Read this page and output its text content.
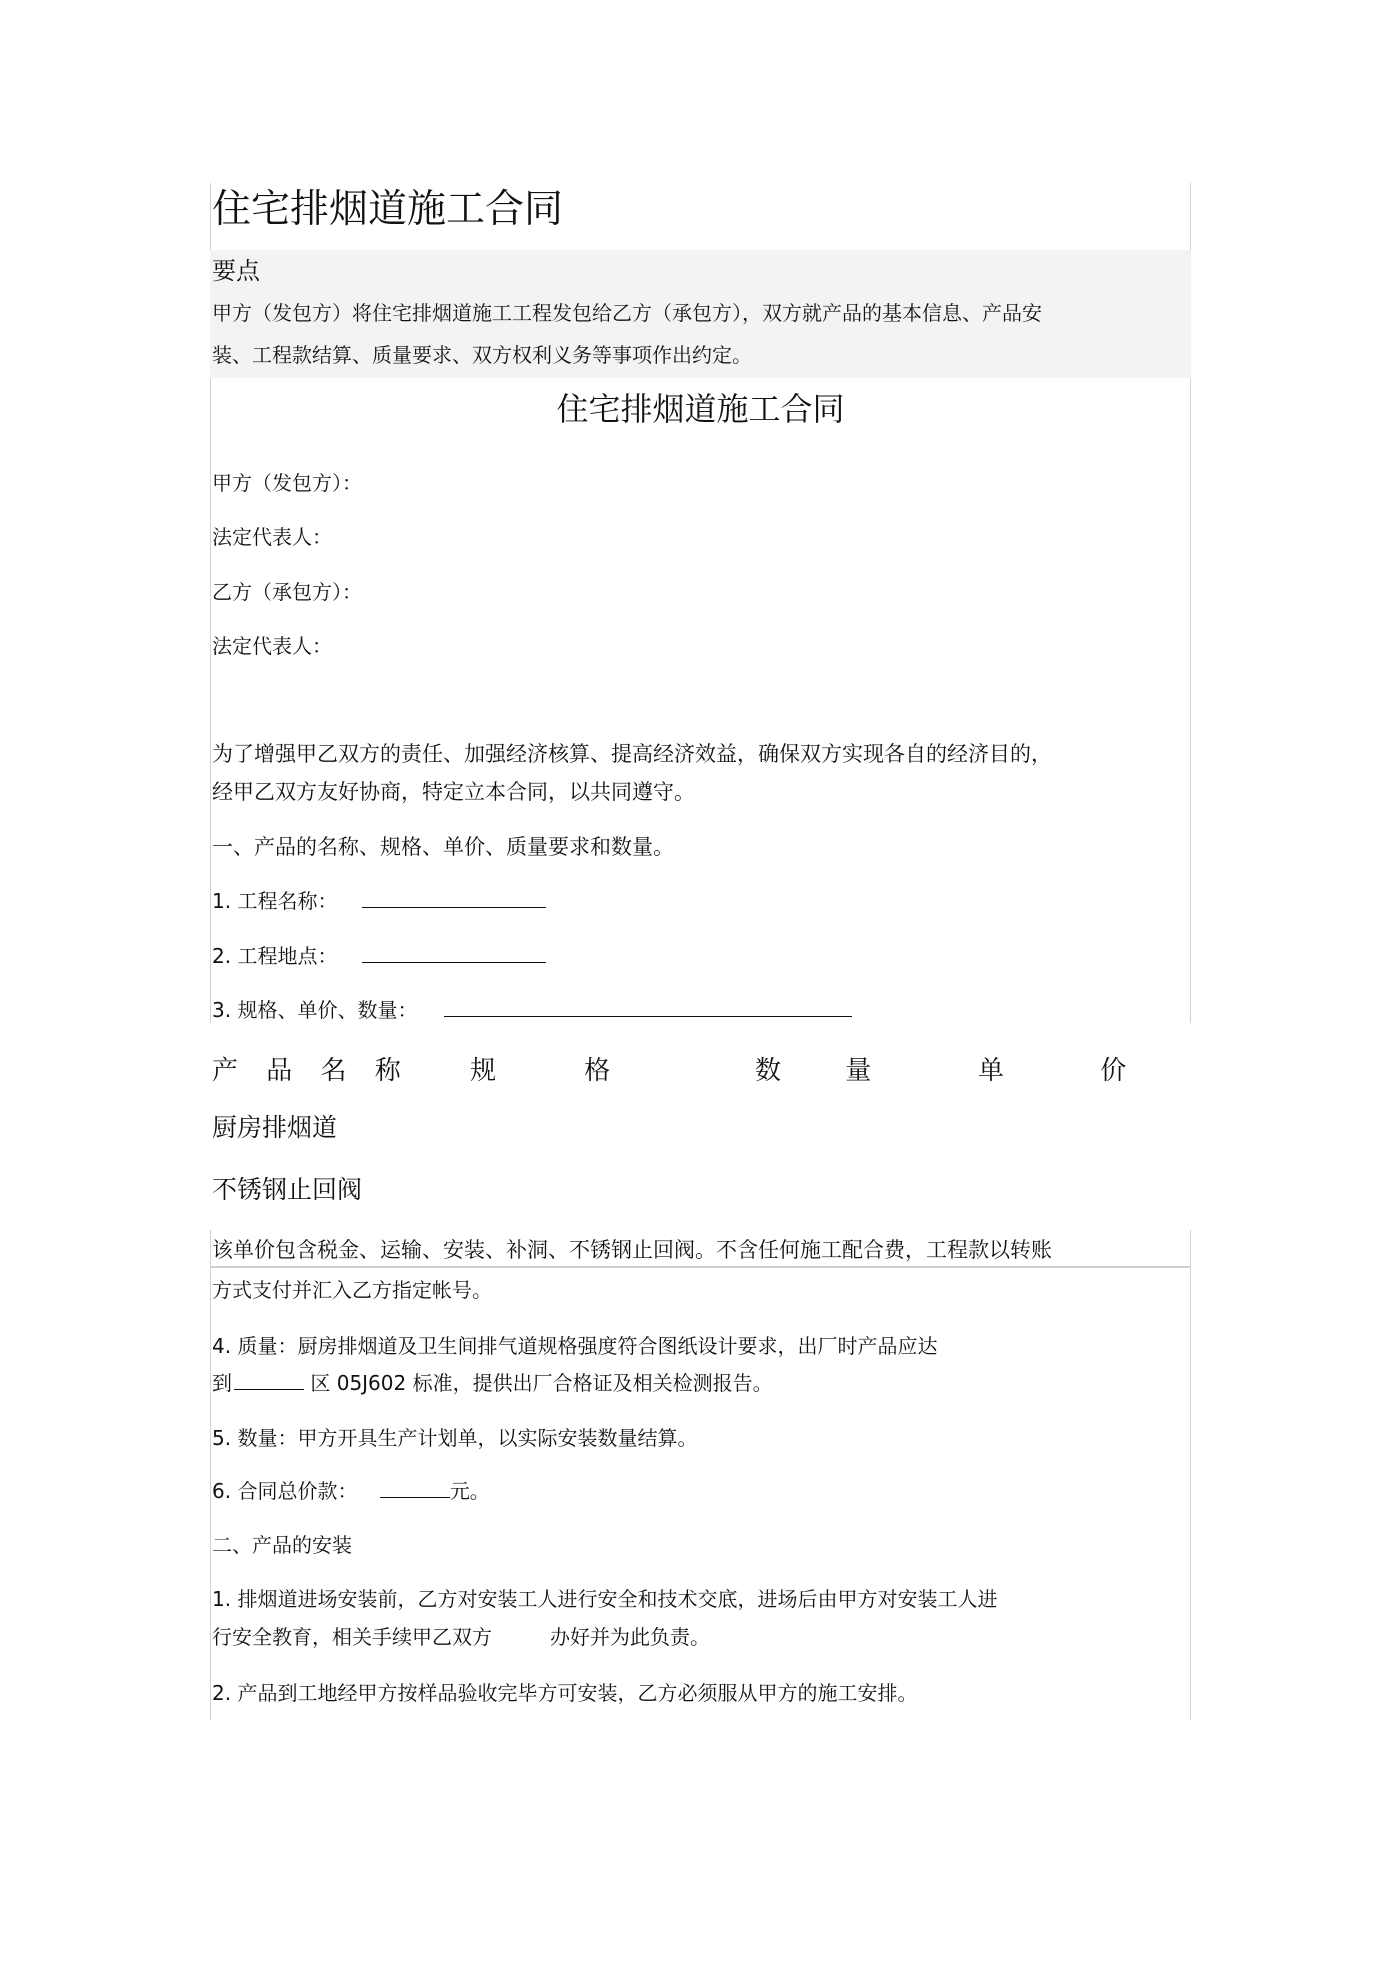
住宅排烟道施工合同
要点
甲方（发包方）将住宅排烟道施工工程发包给乙方（承包方），双方就产品的基本信息、产品安
装、工程款结算、质量要求、双方权利义务等事项作出约定。
住宅排烟道施工合同
甲方（发包方）：
法定代表人：
乙方（承包方）：
法定代表人：
为了增强甲乙双方的责任、加强经济核算、提高经济效益，确保双方实现各自的经济目的，
经甲乙双方友好协商，特定立本合同，以共同遵守。
一、产品的名称、规格、单价、质量要求和数量。
1. 工程名称：
2. 工程地点：
3. 规格、单价、数量：
产 品 名 称 规 格	数 量	单 价
厨房排烟道
不锈钢止回阀
该单价包含税金、运输、安装、补洞、不锈钢止回阀。不含任何施工配合费，工程款以转账
方式支付并汇入乙方指定帐号。
4. 质量：厨房排烟道及卫生间排气道规格强度符合图纸设计要求，出厂时产品应达
到	区 05J602 标准，提供出厂合格证及相关检测报告。
5. 数量：甲方开具生产计划单，以实际安装数量结算。
6. 合同总价款：	元。
二、产品的安装
1. 排烟道进场安装前，乙方对安装工人进行安全和技术交底，进场后由甲方对安装工人进
行安全教育，相关手续甲乙双方	办好并为此负责。
2. 产品到工地经甲方按样品验收完毕方可安装，乙方必须服从甲方的施工安排。
